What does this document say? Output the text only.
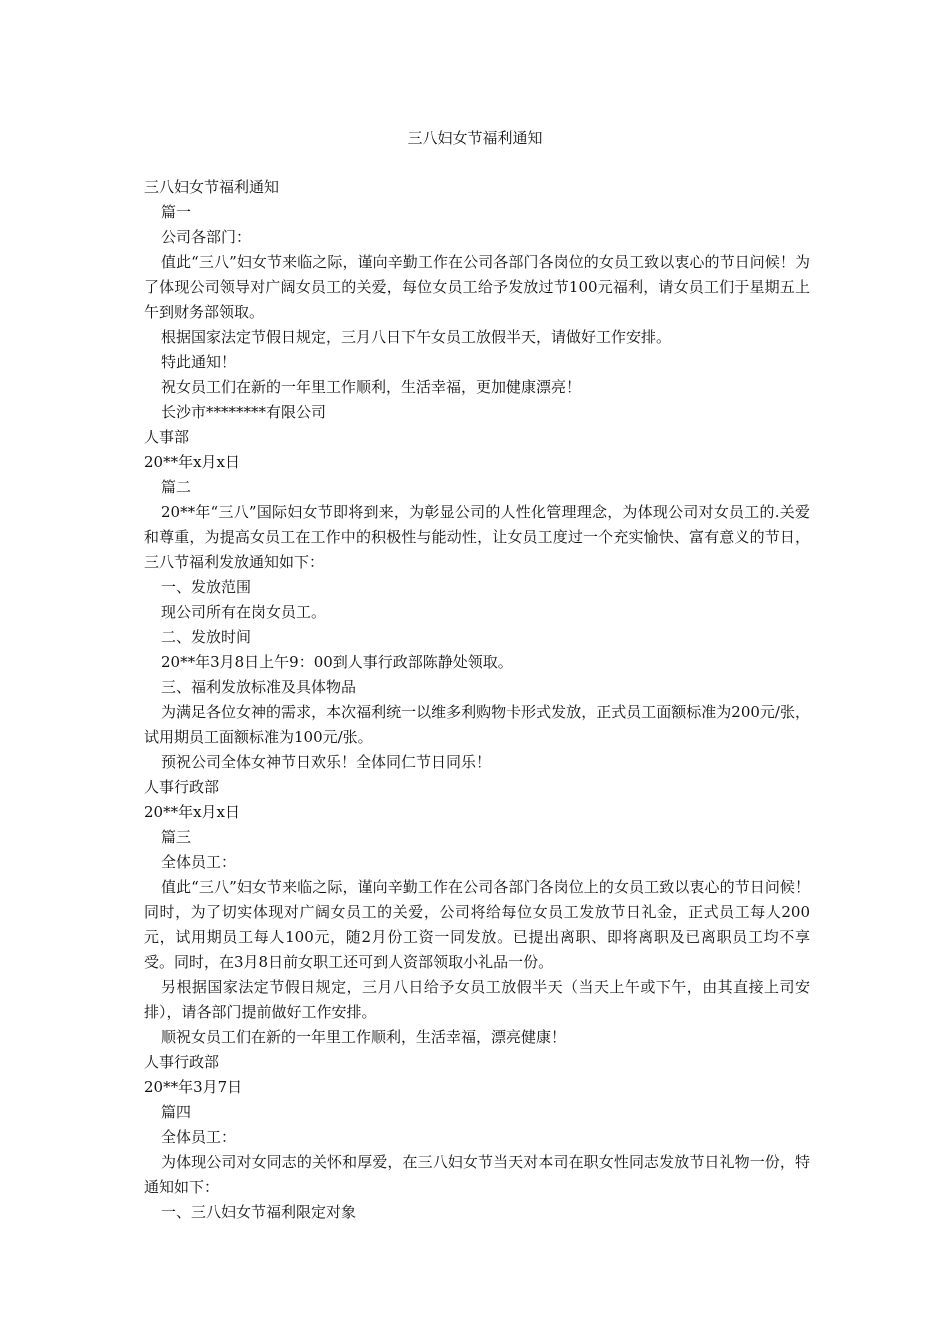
三八妇女节福利通知

三八妇女节福利通知

篇一

公司各部门：

值此“三八”妇女节来临之际，谨向辛勤工作在公司各部门各岗位的女员工致以衷心的节日问候！为了体现公司领导对广阔女员工的关爱，每位女员工给予发放过节100元福利，请女员工们于星期五上午到财务部领取。

根据国家法定节假日规定，三月八日下午女员工放假半天，请做好工作安排。

特此通知！

祝女员工们在新的一年里工作顺利，生活幸福，更加健康漂亮！

长沙市********有限公司

人事部

20**年x月x日

篇二

20**年“三八”国际妇女节即将到来，为彰显公司的人性化管理理念，为体现公司对女员工的.关爱和尊重，为提高女员工在工作中的积极性与能动性，让女员工度过一个充实愉快、富有意义的节日，三八节福利发放通知如下：

一、发放范围

现公司所有在岗女员工。

二、发放时间

20**年3月8日上午9：00到人事行政部陈静处领取。

三、福利发放标准及具体物品

为满足各位女神的需求，本次福利统一以维多利购物卡形式发放，正式员工面额标准为200元/张，试用期员工面额标准为100元/张。

预祝公司全体女神节日欢乐！全体同仁节日同乐！

人事行政部

20**年x月x日

篇三

全体员工：

值此“三八”妇女节来临之际，谨向辛勤工作在公司各部门各岗位上的女员工致以衷心的节日问候！同时，为了切实体现对广阔女员工的关爱，公司将给每位女员工发放节日礼金，正式员工每人200元，试用期员工每人100元，随2月份工资一同发放。已提出离职、即将离职及已离职员工均不享受。同时，在3月8日前女职工还可到人资部领取小礼品一份。

另根据国家法定节假日规定，三月八日给予女员工放假半天（当天上午或下午，由其直接上司安排），请各部门提前做好工作安排。

顺祝女员工们在新的一年里工作顺利，生活幸福，漂亮健康！

人事行政部

20**年3月7日

篇四

全体员工：

为体现公司对女同志的关怀和厚爱，在三八妇女节当天对本司在职女性同志发放节日礼物一份，特通知如下：

一、三八妇女节福利限定对象
